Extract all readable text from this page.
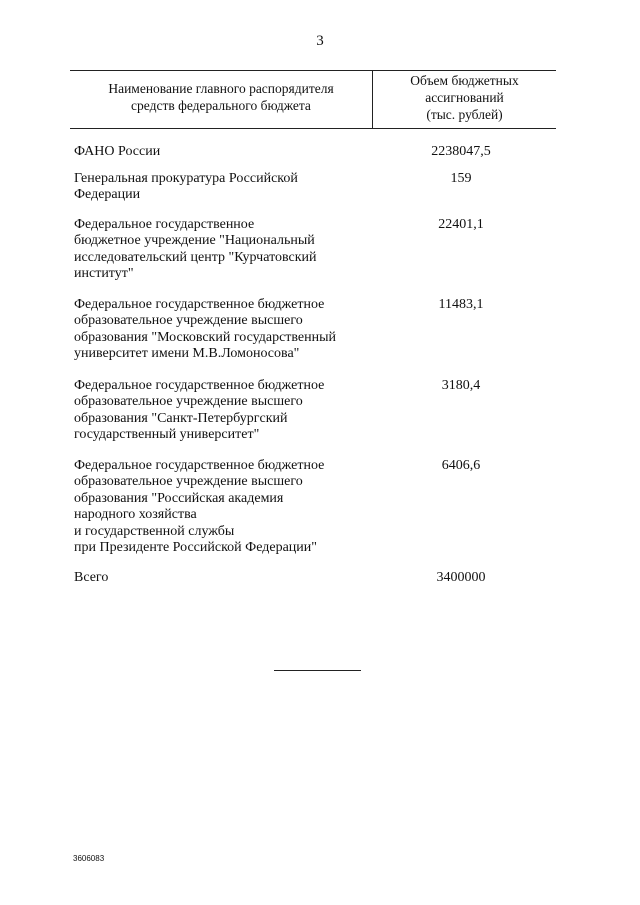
3
Наименование главного распорядителя
средств федерального бюджета
Объем бюджетных
ассигнований
(тыс. рублей)
ФАНО России	2238047,5
Генеральная прокуратура Российской
Федерации
159
Федеральное государственное
бюджетное учреждение "Национальный
исследовательский центр "Курчатовский
институт"
22401,1
Федеральное государственное бюджетное
образовательное учреждение высшего
образования "Московский государственный
университет имени М.В.Ломоносова"
11483,1
Федеральное государственное бюджетное
образовательное учреждение высшего
образования "Санкт-Петербургский
государственный университет"
3180,4
Федеральное государственное бюджетное
образовательное учреждение высшего
образования "Российская академия
народного хозяйства
и государственной службы
при Президенте Российской Федерации"
6406,6
Всего	3400000
3606083
